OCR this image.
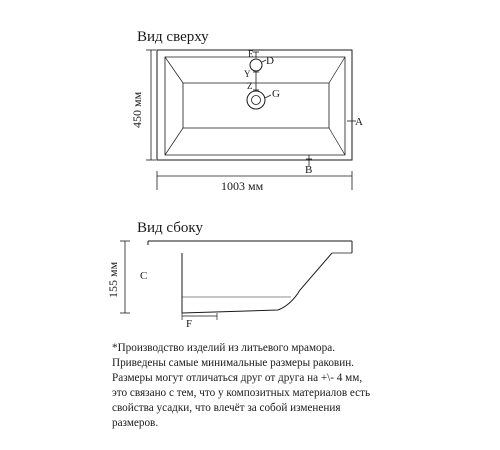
Вид сверху
E
D
Y
Z
G
A
B
450 мм
1003 мм
Вид сбоку
155 мм C
F
*Производство изделий из литьевого мрамора.
Приведены самые минимальные размеры раковин.
Размеры могут отличаться друг от друга на +\- 4 мм,
это связано с тем, что у композитных материалов есть
свойства усадки, что влечёт за собой изменения
размеров.
